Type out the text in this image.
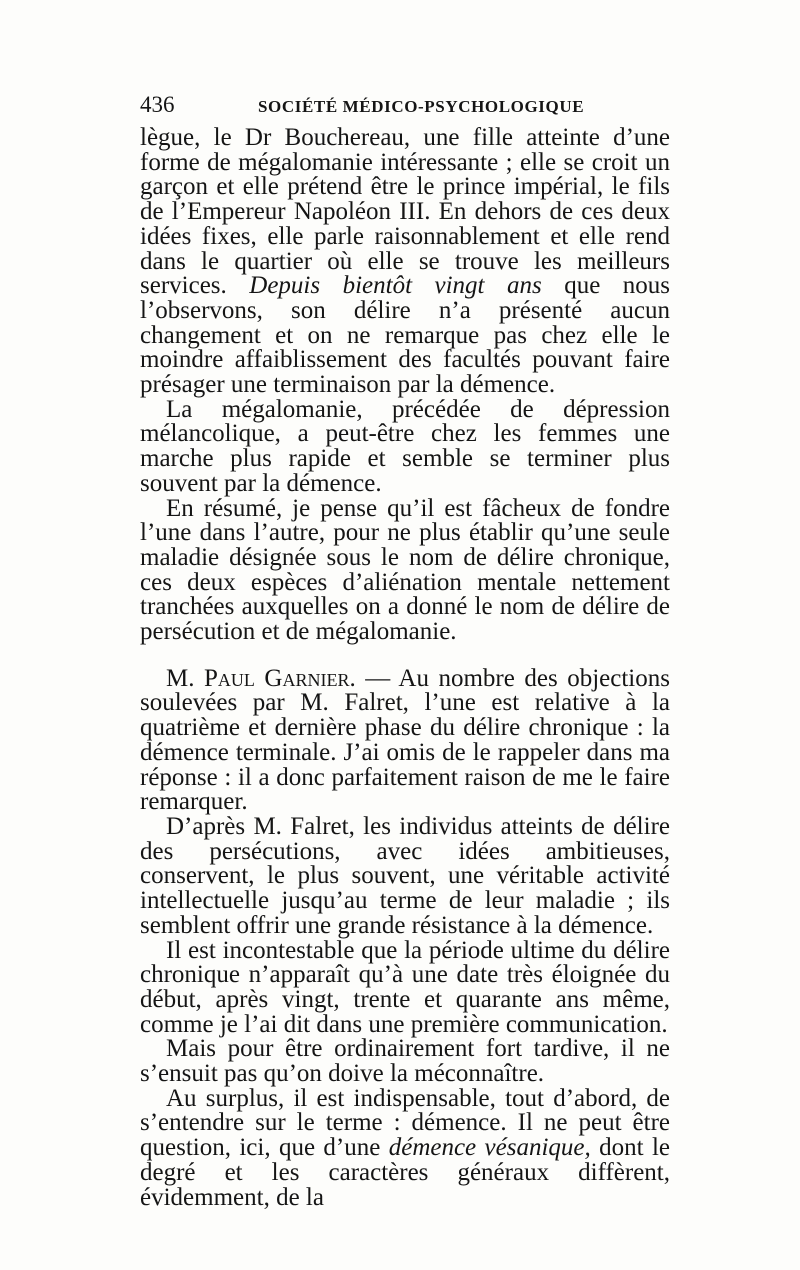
436	SOCIÉTÉ MÉDICO-PSYCHOLOGIQUE

lègue, le Dr Bouchereau, une fille atteinte d’une forme de mégalomanie intéressante ; elle se croit un garçon et elle prétend être le prince impérial, le fils de l’Empereur Napoléon III. En dehors de ces deux idées fixes, elle parle raisonnablement et elle rend dans le quartier où elle se trouve les meilleurs services. Depuis bientôt vingt ans que nous l’observons, son délire n’a présenté aucun changement et on ne remarque pas chez elle le moindre affaiblissement des facultés pouvant faire présager une terminaison par la démence.

La mégalomanie, précédée de dépression mélancolique, a peut-être chez les femmes une marche plus rapide et semble se terminer plus souvent par la démence.

En résumé, je pense qu’il est fâcheux de fondre l’une dans l’autre, pour ne plus établir qu’une seule maladie désignée sous le nom de délire chronique, ces deux espèces d’aliénation mentale nettement tranchées auxquelles on a donné le nom de délire de persécution et de mégalomanie.

M. Paul Garnier. — Au nombre des objections soulevées par M. Falret, l’une est relative à la quatrième et dernière phase du délire chronique : la démence terminale. J’ai omis de le rappeler dans ma réponse : il a donc parfaitement raison de me le faire remarquer.

D’après M. Falret, les individus atteints de délire des persécutions, avec idées ambitieuses, conservent, le plus souvent, une véritable activité intellectuelle jusqu’au terme de leur maladie ; ils semblent offrir une grande résistance à la démence.

Il est incontestable que la période ultime du délire chronique n’apparaît qu’à une date très éloignée du début, après vingt, trente et quarante ans même, comme je l’ai dit dans une première communication.

Mais pour être ordinairement fort tardive, il ne s’ensuit pas qu’on doive la méconnaître.

Au surplus, il est indispensable, tout d’abord, de s’entendre sur le terme : démence. Il ne peut être question, ici, que d’une démence vésanique, dont le degré et les caractères généraux diffèrent, évidemment, de la
